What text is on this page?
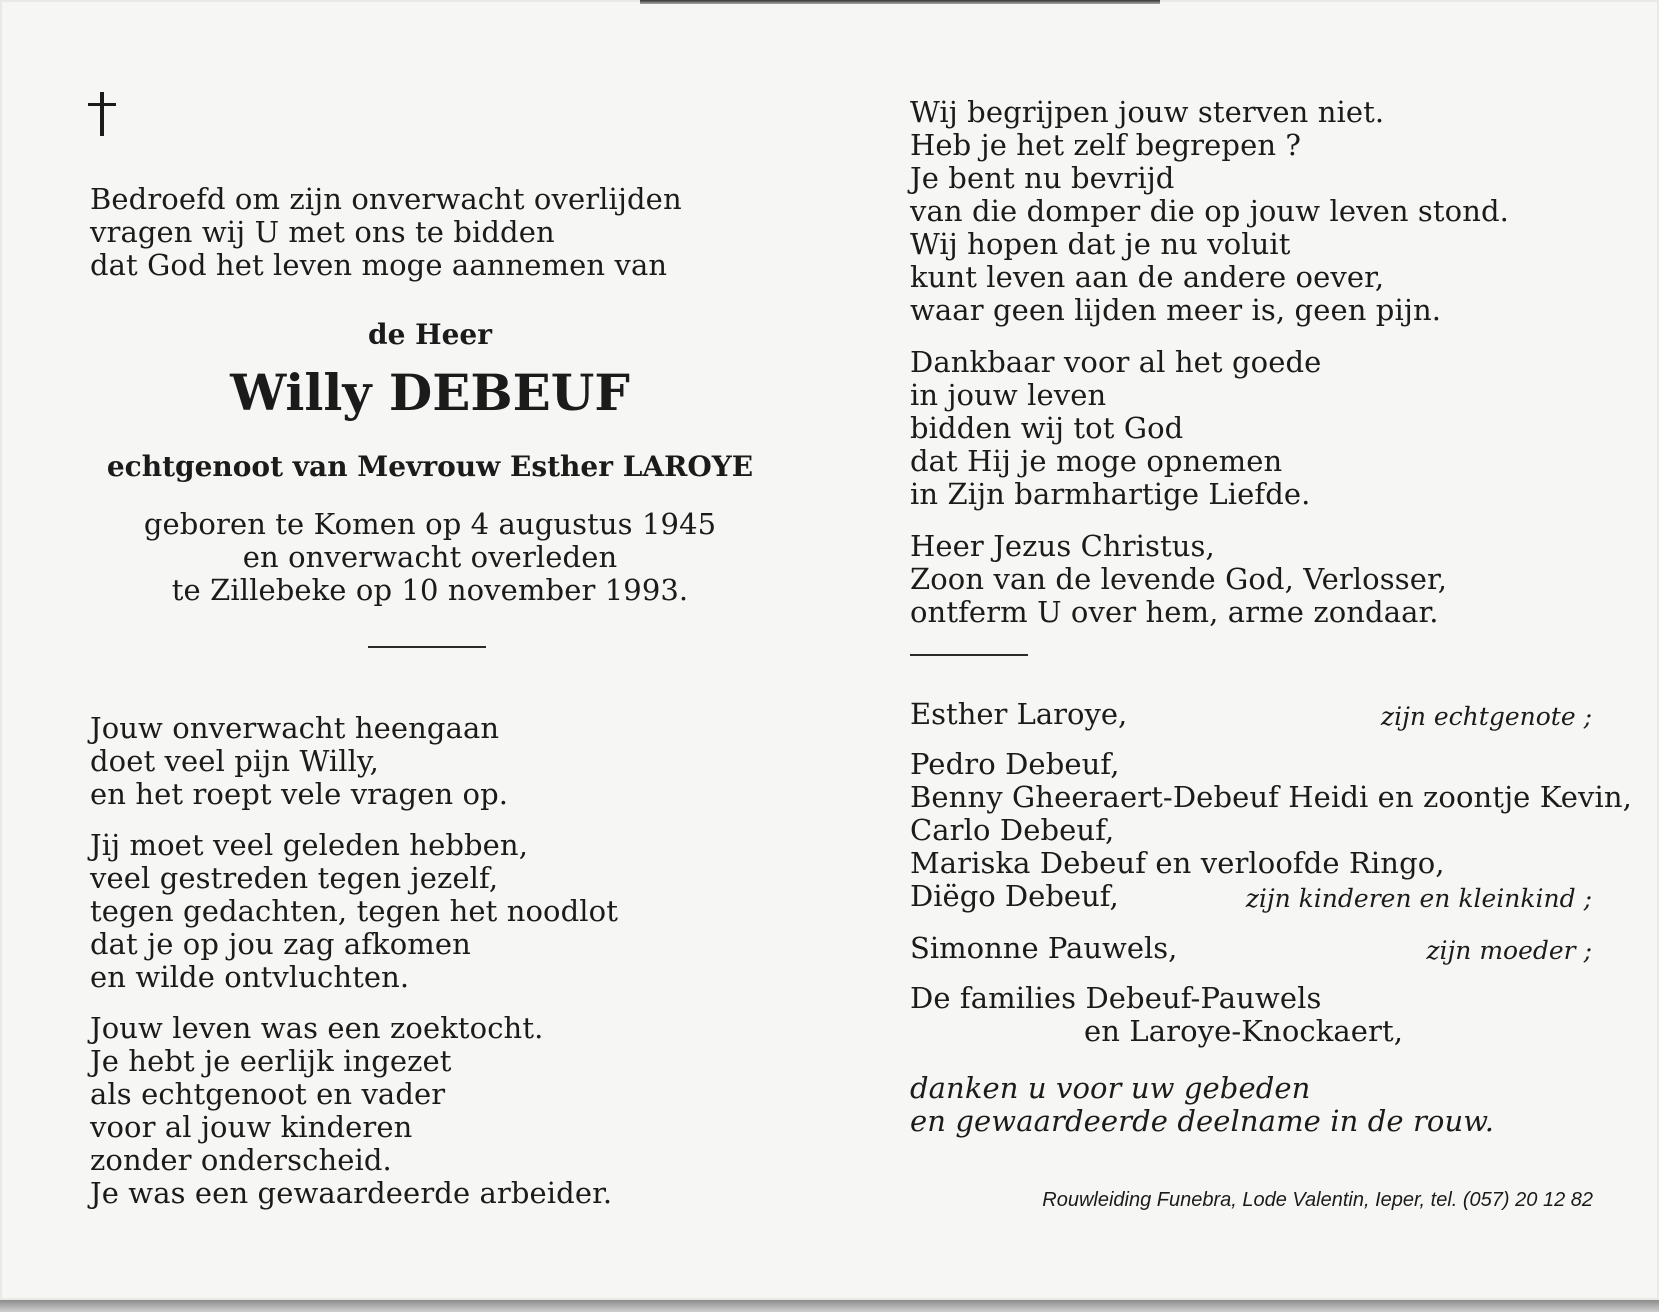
Bedroefd om zijn onverwacht overlijden
vragen wij U met ons te bidden
dat God het leven moge aannemen van
de Heer
Willy DEBEUF
echtgenoot van Mevrouw Esther LAROYE
geboren te Komen op 4 augustus 1945
en onverwacht overleden
te Zillebeke op 10 november 1993.
Jouw onverwacht heengaan
doet veel pijn Willy,
en het roept vele vragen op.
Jij moet veel geleden hebben,
veel gestreden tegen jezelf,
tegen gedachten, tegen het noodlot
dat je op jou zag afkomen
en wilde ontvluchten.
Jouw leven was een zoektocht.
Je hebt je eerlijk ingezet
als echtgenoot en vader
voor al jouw kinderen
zonder onderscheid.
Je was een gewaardeerde arbeider.
Wij begrijpen jouw sterven niet.
Heb je het zelf begrepen ?
Je bent nu bevrijd
van die domper die op jouw leven stond.
Wij hopen dat je nu voluit
kunt leven aan de andere oever,
waar geen lijden meer is, geen pijn.
Dankbaar voor al het goede
in jouw leven
bidden wij tot God
dat Hij je moge opnemen
in Zijn barmhartige Liefde.
Heer Jezus Christus,
Zoon van de levende God, Verlosser,
ontferm U over hem, arme zondaar.
Esther Laroye,	zijn echtgenote ;
Pedro Debeuf,
Benny Gheeraert-Debeuf Heidi en zoontje Kevin,
Carlo Debeuf,
Mariska Debeuf en verloofde Ringo,
Diëgo Debeuf,	zijn kinderen en kleinkind ;
Simonne Pauwels,	zijn moeder ;
De families Debeuf-Pauwels
en Laroye-Knockaert,
danken u voor uw gebeden
en gewaardeerde deelname in de rouw.
Rouwleiding Funebra, Lode Valentin, Ieper, tel. (057) 20 12 82
